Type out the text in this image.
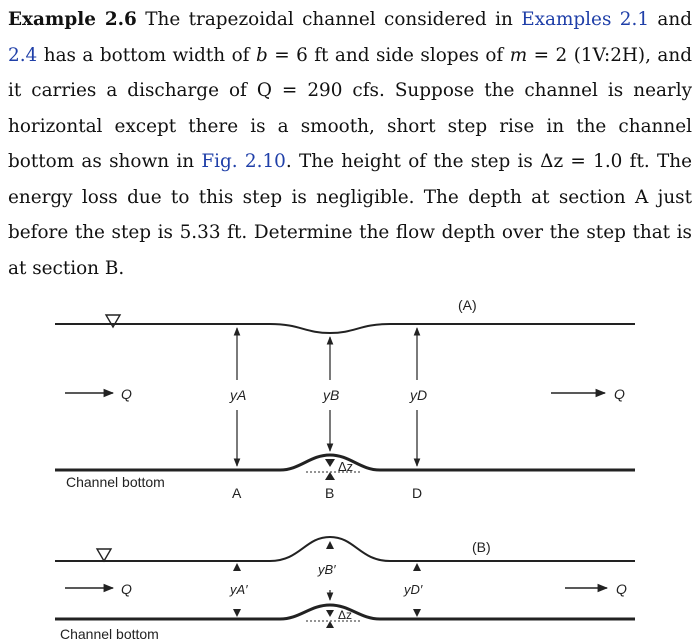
Example 2.6 The trapezoidal channel considered in Examples 2.1 and 2.4 has a bottom width of b = 6 ft and side slopes of m = 2 (1V:2H), and it carries a discharge of Q = 290 cfs. Suppose the channel is nearly horizontal except there is a smooth, short step rise in the channel bottom as shown in Fig. 2.10. The height of the step is Δz = 1.0 ft. The energy loss due to this step is negligible. The depth at section A just before the step is 5.33 ft. Determine the flow depth over the step that is at section B.
(A)
Q	Q
yA	yB	yD
Δz
Channel bottom
A	B	D
(B)
Q	Q
yA′
yB′
yD′
Δz
Channel bottom
